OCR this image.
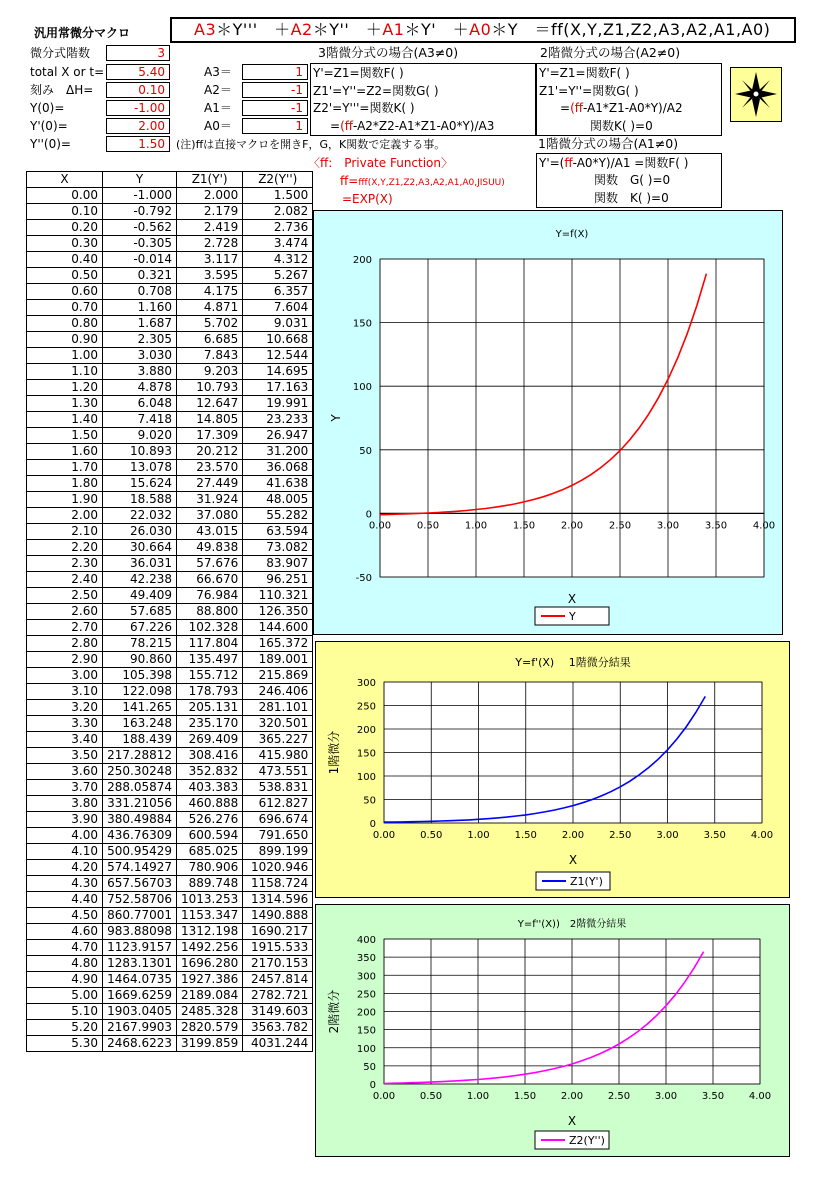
汎用常微分マクロ	A3＊Y'''　＋A2＊Y''　＋A1＊Y'　＋A0＊Y　＝ff(X,Y,Z1,Z2,A3,A2,A1,A0)
微分式階数	3
total X or t=	5.40
刻み　ΔH=	0.10
Y(0)=	-1.00
Y'(0)=	2.00
Y''(0)=	1.50
A3＝	1
A2＝	-1
A1＝	-1
A0＝	1
3階微分式の場合(A3≠0)
Y'=Z1=関数F( )
Z1'=Y''=Z2=関数G( )
Z2'=Y'''=関数K( )
=(ff-A2*Z2-A1*Z1-A0*Y)/A3
2階微分式の場合(A2≠0)
Y'=Z1=関数F( )
Z1'=Y''=関数G( )
=(ff-A1*Z1-A0*Y)/A2
関数K( )=0
(注)ffは直接マクロを開きF，G，K関数で定義する事。	1階微分式の場合(A1≠0)
Y'=(ff-A0*Y)/A1 =関数F( )
関数　G( )=0
関数　K( )=0
〈ff:　Private Function〉
ff=fff(X,Y,Z1,Z2,A3,A2,A1,A0,JISUU)
=EXP(X)
X	Y	Z1(Y')	Z2(Y'')
0.00	-1.000	2.000	1.500
0.10	-0.792	2.179	2.082
0.20	-0.562	2.419	2.736
0.30	-0.305	2.728	3.474
0.40	-0.014	3.117	4.312
0.50	0.321	3.595	5.267
0.60	0.708	4.175	6.357
0.70	1.160	4.871	7.604
0.80	1.687	5.702	9.031
0.90	2.305	6.685	10.668
1.00	3.030	7.843	12.544
1.10	3.880	9.203	14.695
1.20	4.878	10.793	17.163
1.30	6.048	12.647	19.991
1.40	7.418	14.805	23.233
1.50	9.020	17.309	26.947
1.60	10.893	20.212	31.200
1.70	13.078	23.570	36.068
1.80	15.624	27.449	41.638
1.90	18.588	31.924	48.005
2.00	22.032	37.080	55.282
2.10	26.030	43.015	63.594
2.20	30.664	49.838	73.082
2.30	36.031	57.676	83.907
2.40	42.238	66.670	96.251
2.50	49.409	76.984	110.321
2.60	57.685	88.800	126.350
2.70	67.226	102.328	144.600
2.80	78.215	117.804	165.372
2.90	90.860	135.497	189.001
3.00	105.398	155.712	215.869
3.10	122.098	178.793	246.406
3.20	141.265	205.131	281.101
3.30	163.248	235.170	320.501
3.40	188.439	269.409	365.227
3.50	217.28812	308.416	415.980
3.60	250.30248	352.832	473.551
3.70	288.05874	403.383	538.831
3.80	331.21056	460.888	612.827
3.90	380.49884	526.276	696.674
4.00	436.76309	600.594	791.650
4.10	500.95429	685.025	899.199
4.20	574.14927	780.906	1020.946
4.30	657.56703	889.748	1158.724
4.40	752.58706	1013.253	1314.596
4.50	860.77001	1153.347	1490.888
4.60	983.88098	1312.198	1690.217
4.70	1123.9157	1492.256	1915.533
4.80	1283.1301	1696.280	2170.153
4.90	1464.0735	1927.386	2457.814
5.00	1669.6259	2189.084	2782.721
5.10	1903.0405	2485.328	3149.603
5.20	2167.9903	2820.579	3563.782
5.30	2468.6223	3199.859	4031.244
0.00	0.50	1.00	1.50	2.00	2.50	3.00	3.50	4.00
-50
0
50
100
150
200
Y=f(X)
X
Y
Y
0.00 0.50 1.00 1.50 2.00 2.50 3.00 3.50 4.00
0
50
100
150
200
250
300
Y=f'(X)　 1階微分結果
X
1階微分
Z1(Y')
0.00 0.50 1.00 1.50 2.00 2.50 3.00 3.50 4.00
0
50
100
150
200
250
300
350
400
Y=f''(X))　2階微分結果
X
2階微分
Z2(Y'')
